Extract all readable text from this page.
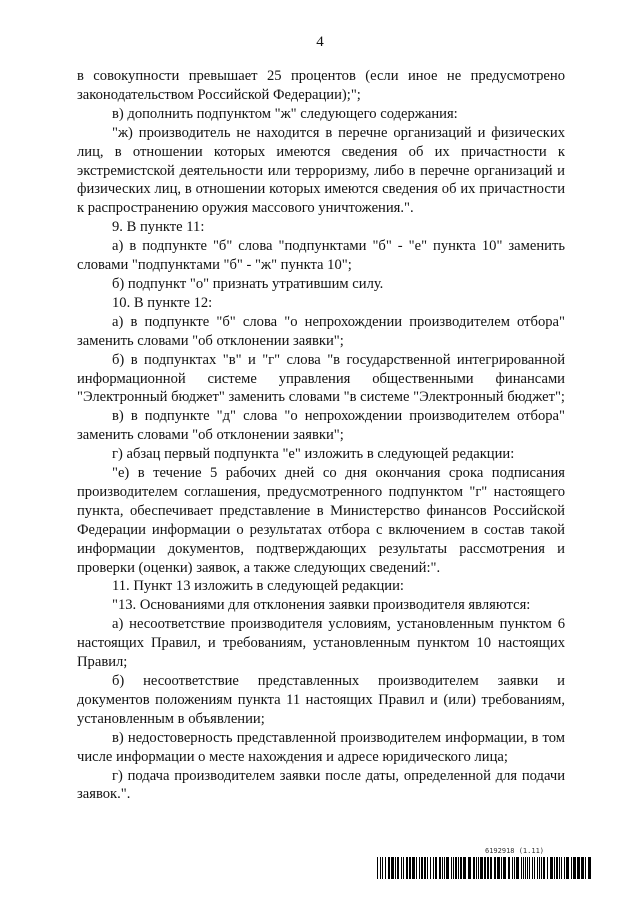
4

в совокупности превышает 25 процентов (если иное не предусмотрено законодательством Российской Федерации);";

в) дополнить подпунктом "ж" следующего содержания:

"ж) производитель не находится в перечне организаций и физических лиц, в отношении которых имеются сведения об их причастности к экстремистской деятельности или терроризму, либо в перечне организаций и физических лиц, в отношении которых имеются сведения об их причастности к распространению оружия массового уничтожения.".

9. В пункте 11:

а) в подпункте "б" слова "подпунктами "б" - "е" пункта 10" заменить словами "подпунктами "б" - "ж" пункта 10";

б) подпункт "о" признать утратившим силу.

10. В пункте 12:

а) в подпункте "б" слова "о непрохождении производителем отбора" заменить словами "об отклонении заявки";

б) в подпунктах "в" и "г" слова "в государственной интегрированной информационной системе управления общественными финансами "Электронный бюджет" заменить словами "в системе "Электронный бюджет";

в) в подпункте "д" слова "о непрохождении производителем отбора" заменить словами "об отклонении заявки";

г) абзац первый подпункта "е" изложить в следующей редакции:

"е) в течение 5 рабочих дней со дня окончания срока подписания производителем соглашения, предусмотренного подпунктом "г" настоящего пункта, обеспечивает представление в Министерство финансов Российской Федерации информации о результатах отбора с включением в состав такой информации документов, подтверждающих результаты рассмотрения и проверки (оценки) заявок, а также следующих сведений:".

11. Пункт 13 изложить в следующей редакции:

"13. Основаниями для отклонения заявки производителя являются:

а) несоответствие производителя условиям, установленным пунктом 6 настоящих Правил, и требованиям, установленным пунктом 10 настоящих Правил;

б) несоответствие представленных производителем заявки и документов положениям пункта 11 настоящих Правил и (или) требованиям, установленным в объявлении;

в) недостоверность представленной производителем информации, в том числе информации о месте нахождения и адресе юридического лица;

г) подача производителем заявки после даты, определенной для подачи заявок.".

6192918 (1.11)
